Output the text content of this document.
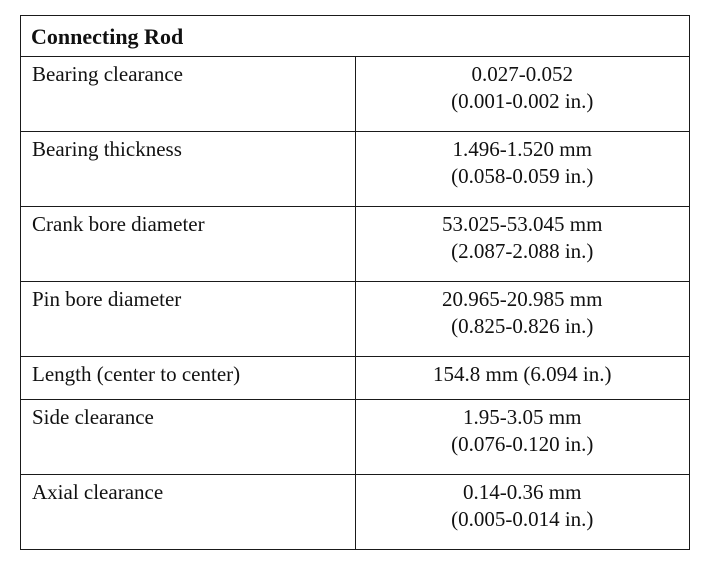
Connecting Rod	
Bearing clearance	0.027-0.052
(0.001-0.002 in.)

Bearing thickness	1.496-1.520 mm
(0.058-0.059 in.)

Crank bore diameter	53.025-53.045 mm
(2.087-2.088 in.)

Pin bore diameter	20.965-20.985 mm
(0.825-0.826 in.)

Length (center to center)	154.8 mm (6.094 in.)

Side clearance	1.95-3.05 mm
(0.076-0.120 in.)

Axial clearance	0.14-0.36 mm
(0.005-0.014 in.)
